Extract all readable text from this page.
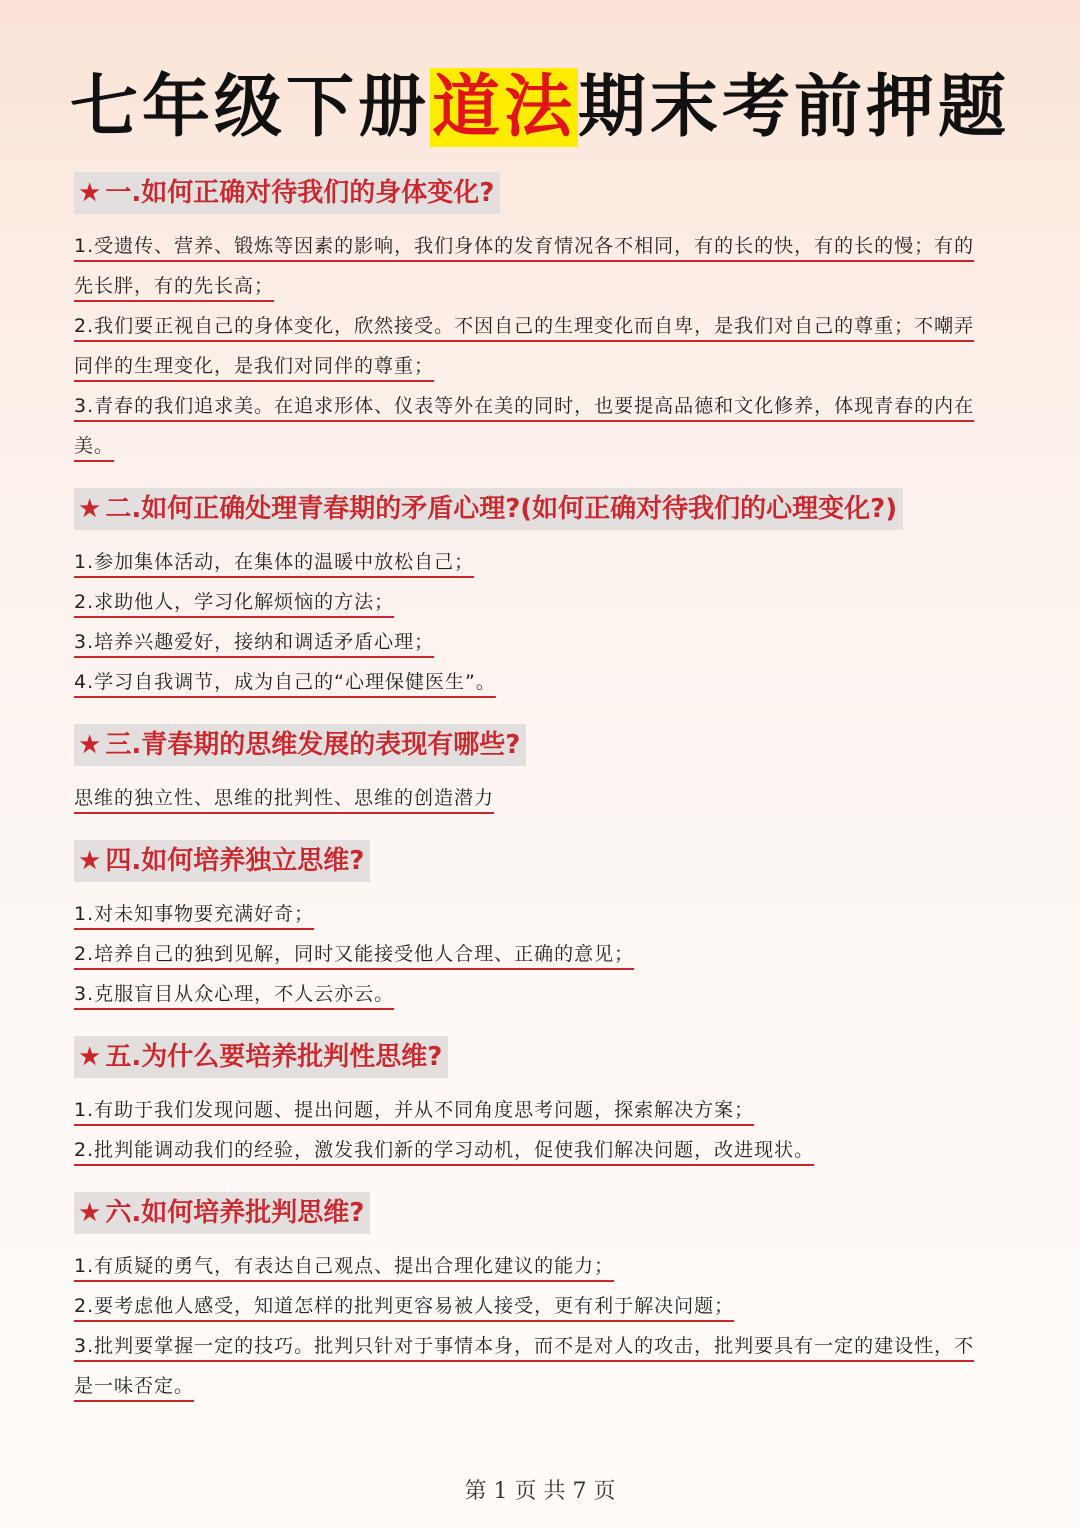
七年级下册道法期末考前押题
★ 一.如何正确对待我们的身体变化?
1.受遗传、营养、锻炼等因素的影响，我们身体的发育情况各不相同，有的长的快，有的长的慢；有的先长胖，有的先长高；
2.我们要正视自己的身体变化，欣然接受。不因自己的生理变化而自卑，是我们对自己的尊重；不嘲弄同伴的生理变化，是我们对同伴的尊重；
3.青春的我们追求美。在追求形体、仪表等外在美的同时，也要提高品德和文化修养，体现青春的内在美。
★ 二.如何正确处理青春期的矛盾心理?(如何正确对待我们的心理变化?)
1.参加集体活动，在集体的温暖中放松自己；
2.求助他人，学习化解烦恼的方法；
3.培养兴趣爱好，接纳和调适矛盾心理；
4.学习自我调节，成为自己的“心理保健医生”。
★ 三.青春期的思维发展的表现有哪些?
思维的独立性、思维的批判性、思维的创造潜力
★ 四.如何培养独立思维?
1.对未知事物要充满好奇；
2.培养自己的独到见解，同时又能接受他人合理、正确的意见；
3.克服盲目从众心理，不人云亦云。
★ 五.为什么要培养批判性思维?
1.有助于我们发现问题、提出问题，并从不同角度思考问题，探索解决方案；
2.批判能调动我们的经验，激发我们新的学习动机，促使我们解决问题，改进现状。
★ 六.如何培养批判思维?
1.有质疑的勇气，有表达自己观点、提出合理化建议的能力；
2.要考虑他人感受，知道怎样的批判更容易被人接受，更有利于解决问题；
3.批判要掌握一定的技巧。批判只针对于事情本身，而不是对人的攻击，批判要具有一定的建设性，不是一味否定。
第 1 页 共 7 页
